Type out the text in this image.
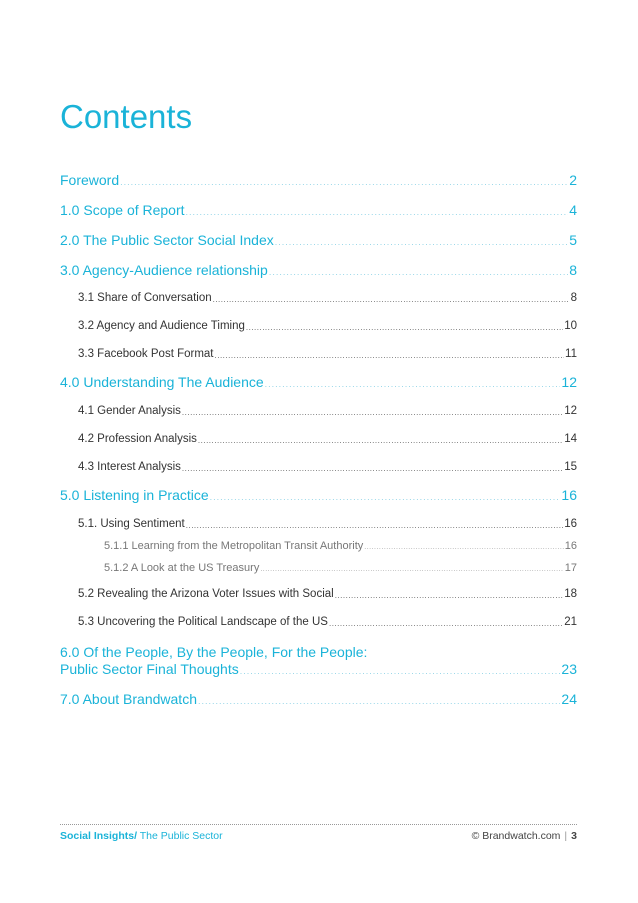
Contents
Foreword .....	2
1.0 Scope of Report .....	4
2.0 The Public Sector Social Index .....	5
3.0 Agency-Audience relationship .....	8
3.1 Share of Conversation .....	8
3.2 Agency and Audience Timing .....	10
3.3 Facebook Post Format .....	11
4.0 Understanding The Audience .....	12
4.1 Gender Analysis .....	12
4.2 Profession Analysis .....	14
4.3 Interest Analysis .....	15
5.0 Listening in Practice .....	16
5.1. Using Sentiment .....	16
5.1.1 Learning from the Metropolitan Transit Authority .....	16
5.1.2 A Look at the US Treasury .....	17
5.2 Revealing the Arizona Voter Issues with Social .....	18
5.3 Uncovering the Political Landscape of the US .....	21
6.0 Of the People, By the People, For the People:
Public Sector Final Thoughts .....	23
7.0 About Brandwatch .....	24
Social Insights/ The Public Sector	© Brandwatch.com | 3
